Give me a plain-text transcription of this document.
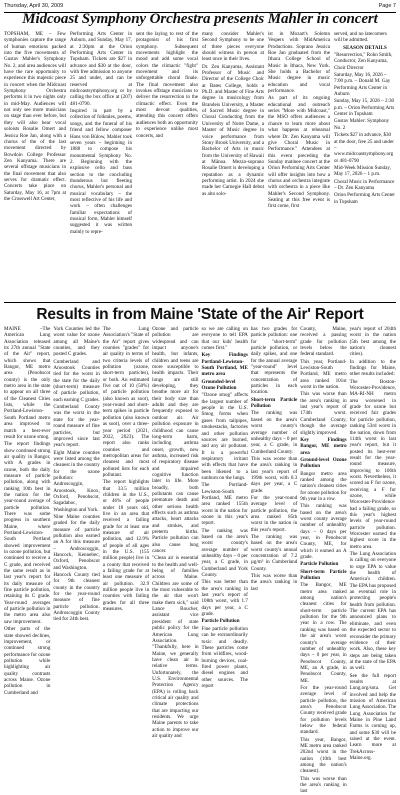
Thursday, April 30, 2009	Page 7
Midcoast Symphony Orchestra presents Mahler in concert

TOPSHAM, ME – Few symphonies capture the range of human emotions packed into the five movements of Gustav Mahler's Symphony No. 2, and area audiences will have the rare opportunity to experience this majestic piece in concert when the Midcoast Symphony Orchestra performs it in two nights only in mid-May. Audiences will not only see more musicians on stage than ever before, but they will also hear vocal soloists Rosalie Omert and Jessica Roe Jan, along with a chorus of the of the last movement directed by Bowdoin College Professor Zen Kanyama. There are several offstage musicians in the final movement that also serves for dramatic effect. Concerts take place on Saturday, May 16, at 7pm at the Crosswell Art Center,

Performing Arts Center in Auburn, and Sunday, May 17, at 2:30pm at the Orion Performing Arts Center in Topsham. Tickets are $27 in advance and $30 at the door, with free admission to anyone 25 and under, and can be reserved at midcoastsymphony.org or by calling the box office at (207) 481-0790.

Inspired in part by a collection of folktales, poems, songs, and the funeral of his friend and fellow composer Hans von Bülow, Mahler took seven years – beginning in 1888 to compose his monumental Symphony No. 2. Beginning with the explosive cello and bass section to the concluding thunderous but fleeting chorus, Mahler's personal and musical vocabulary – the most reflective of his life and work – often challenges familiar expectations of musical form, Mahler himself suggested it was written mainly to repre-

sent the laying to rest of the protagonist of his first symphony. Subsequent movements highlight the mood and add some vocal colors the climactic "fight" movement and its unforgettable choral finale. The final movement also invokes offstage musicians to deliver the resurrection to the climactic effect. Even the most devout qualities, attending this concert offers audiences both an opportunity to experience unlike most concerts, and

many consider Mahler's Second Symphony to be one of three pieces everyone should witness in person at least once in their lives.

Dr. Zen Kanyama, Assistant Professor of Music and Director of the College Choir at Bates College, holds a Ph.D. and Master of Fine Arts degree in musicology from Brandeis University, a Master of Sacred Music degree in Choral Conducting from the University of Notre Dame, a Master of Music degree in voice performance from Stony Brook University, and a Bachelor of Arts in music from the University of Hawaii at Mānoa. Mezzo-soprano Rosalie Omert is developing a reputation as a dynamic performing artist. In 2024 she made her Carnegie Hall debut as alto solo-

ist in Mozart's Solemn Vespers with MidAmerica Productions. Soprano Jessica Roe Jan graduated from the Ithaca College School of Music in Ithaca, New York. She holds a Bachelor of Music degree in music education and vocal performance.

As part of its ongoing educational and outreach series "More with Midcoast," the MSO offers audiences a chance to learn more about what happens at rehearsal where Dr. Zen Kanyama will give Choral Music in Performance." Attendees at this event preceding the Sunday matinee concert at the Orion Performing Arts Center will offer insights into how a chorus and orchestra integrate with orchestra in a piece like Mahler's Second Symphony. Seating at this free event is first come, first

served, and no latecomers will be admitted.

SEASON DETAILS

"Resurrection," Rohn Smith, Conductor, Zen Kanyama, Choir Director

Saturday, May 16, 2026 – 7:00 p.m. – Donald M. Gay Performing Arts Center in Auburn

Sunday, May 15, 2026 – 2:30 p.m. – Orion Performing Arts Center in Topsham

Gustav Mahler: Symphony No. 2

Tickets $27 in advance, $30 at the door, free 25 and under – www.midcoastsymphony.org or 481-0790

Mid-Week Mission Sunday, May 17, 2026 – 1 p.m.

Choral Music in Performance – Dr. Zen Kanyama

Orion Performing Arts Center in Topsham

Results in from Maine 'State of the Air' Report

MAINE –The American Lung Association released its 27th annual "State of the Air" report, which shows that Bangor, ME metro area (Penobscot county) is the only metro area in the state to appear on all three of the Cleanest Cities lists, while the Portland-Lewiston-South Portland metro area improved to match a best-ever result for ozone smog.

The report findings show continued strong air quality in Bangor, with A grades in ozone, both the daily measure of particle pollution, along with ranking 10th best in the nation for the year-round average of particle pollution. There was some progress in southern Maine, where Portland-Lewiston-South Portland showed improvement in ozone pollution, but continued to receive a C grade, and received the same result as in last year's report for its daily measure of fine particle pollution, retaining its C grade. Year-round averages of particle pollution in the metro area also saw improvement.

Other parts of the state showed declines, improvement, or continued strong performance for ozone pollution while highlighting air quality contrasts across Maine. Ozone pollution in Cumberland and

York Counties led the worst value for ozone among all Maine's counties, and they posted C grades.

Cumberland and Aroostook Counties tied for the worst in the state for the daily (short-term) measure of particle pollution, each earning C grades.

Cumberland County was the worst in the state for the year-round measure of fine particles, but improved since last year's report.

Eight Maine counties were listed among the cleanest in the country for the ozone pollution: Androscoggin, Aroostook, Knox, Oxford, Penobscot, Sagadahoc, Washington and York.

Nine Maine counties graded for the daily measure of particle pollution also earned an A for this measure – Androscoggin, Hancock, Kennebec, Oxford, Penobscot and Washington.

Hancock County tied for 9th cleanest county in the country for the year-round measure of fine particle pollution. Androscoggin County tied for 24th best.

The Lung Association's "State of the Air" report gives counties "grades" for air quality in terms of two criteria levels of pollution (ozone, short-term particles), or both. An estimated five out of 10 (50%) of particle pollution (also known as soot), year-round and short-term spikes in particle pollution (also known as soot), over a three-year period (2021, 2022, 2023). The report also ranks counties and metropolitan areas for cleanest and most polluted lists for each pollutant.

The report highlights that 33.5 million children in the U.S., or 46% of people under 18 years old, live in an area that received a failing grade for at least one measure of air pollution, and 12.9% of people of all ages in the U.S. (155 million people) live in a county that received a failing grade for at least one measure of air pollution. 32.9 million people live in counties with failing grades for all three measures.

Ozone and particle pollution are widespread and can impact anyone's health, but infants, children and teens are more susceptible to health impacts. Their lungs are still developing, they breathe more air for their body size than adults and they are frequently exposed to outdoor air. Air pollution exposure in childhood can cause long-term harm, including asthma onset, growth, new asthma, increased risk of respiratory disease and impaired cognitive function later in life. More broadly, both pollutants can cause premature death and other serious health effects such as asthma attacks, heart attacks and strokes, and preterm births. Particle pollution can also cause lung cancer.

"Clean air is essential to the health and well-being of families across Maine. Children are some of the most vulnerable to the air that won't make them sick," said Lance Boucher, assistant vice president of state public policy for the American Lung Association. "Thankfully, here in Maine, we generally have clean air in relative terms. Unfortunately, the U.S. Environmental Protection Agency (EPA) is rolling back critical air quality and climate protections that are impacting our residents. We urge Maine parents to take action to improve our air quality and

so we are calling on everyone to tell EPA that our kids' health comes first."

Key Findings Portland-Lewiston-South Portland, ME metro area

Grounded-level Ozone Pollution

"Ozone smog" affects the largest number of people in the U.S. Smog forms when gases from tailpipes, smokestacks, factories and other pollution sources are burned, and any air pollutant. It is a powerful respiratory irritant with effects that have been likened to a sunburn on the lungs.

The Portland-Lewiston-South Portland, ME metro area ranked 155th worst in the nation for ozone in this year's report.

The ranking was based on the area's worst county's average number of unhealthy days – 0 per year, a C grade, in Cumberland and York County.

This was better than the area's ranking in last year's report of 108th worst, with 1.7 days per year, a C grade.

Particle Pollution

Fine particle pollution can be extraordinarily toxic and deadly. These particles come from wildfires, wood-burning devices, coal-fired power plants, diesel engines and other sources. The report

has two grades for particle pollution: one for "short-term" particle pollution, or daily spikes, and one for the annual average "year-round" level that represents the concentration of particles in each location.

Short-term Particle Pollution

The ranking was based on the area's worst county's average number of unhealthy days – 0 per year, a C grade, in Cumberland County.

This was worse than the area's ranking in last year's report of 199th worst, with 0.3 days per year, a C grade.

For the year-round average level of particle pollution, the area ranked 85th worst in the nation in this year's report.

The ranking was based on the area's worst county's annual concentration of 7.2 µg/m³ in Cumberland County.

This was worse than the area's ranking in last

County, Maine, received a passing grade for pollution levels below the federal standard.

This year, Portland-Lewiston-South Portland, ME metro area ranked 101st worst in the nation.

This was worse than the area's ranking in last year's report of 174th worst. Cumberland County, though the average slightly improved.

Key Findings Bangor, ME metro area

Ground-level Ozone Pollution

Bangor metro area ranked among the nation's cleanest cities for ozone pollution for 9th year in a row.

This ranking was based on the area's worst county average number of unhealthy days – 0 days per year, in Penobscot County, ME, for which it earned an A grade.

Particle Pollution

Short-term Particle Pollution

The Bangor, ME metro area ranked among nation's cleanest cities for short-term particle pollution for the 9th year in a row. The ranking was based on the air area's worst county's average number of unhealthy days – 0 per year, in Penobscot County, ME, an A grade, in Penobscot County, ME.

For the year-round average level of particle pollution, the area's Penobscot County received grade for pollution levels below the federal standard.

This year, Bangor, ME metro area ranked 202nd worst in the nation (10th best among the nation's cleanest).

This was worse than the area's ranking in last

year's report of 204th worst in the nation (5th best among the nation's cleanest cities).

In addition to the findings for Maine, other results included:

The Boston-Worcester-Providence, MA-RI-NH metro area worsened in grade for ozone but received fair grades for particle pollution, ranking 53rd worst in the nation, down from 114th worst in last year's report, but it posted its best-ever result for the year-round measure, improving to 106th worst. Nevertheless, it scored an F for ozone, receiving a F for ozone, while Worcester-Providence had a failing grade, so this year's highest levels of year-round particle pollution. Worcester earned the highest score in the metro area.

The Lung Association is calling on everyone to urge EPA to value the health of America's children. The EPA has proposed an eventual role in protecting people's health from pollution. The current EPA has announced plans to eliminate, and even the expected sector to reconsider the primary evidence of their work. Also, these key steps are being taken at the state of the EPA as well.

See the full report results at Lung.org/sota. Get involved and help the mission of American Lung Association. The Lung Association for Maine in Pine Land Farms is coming up, and some $30 will be raised at the event. Learn more at TrekAcross-Maine.org.
